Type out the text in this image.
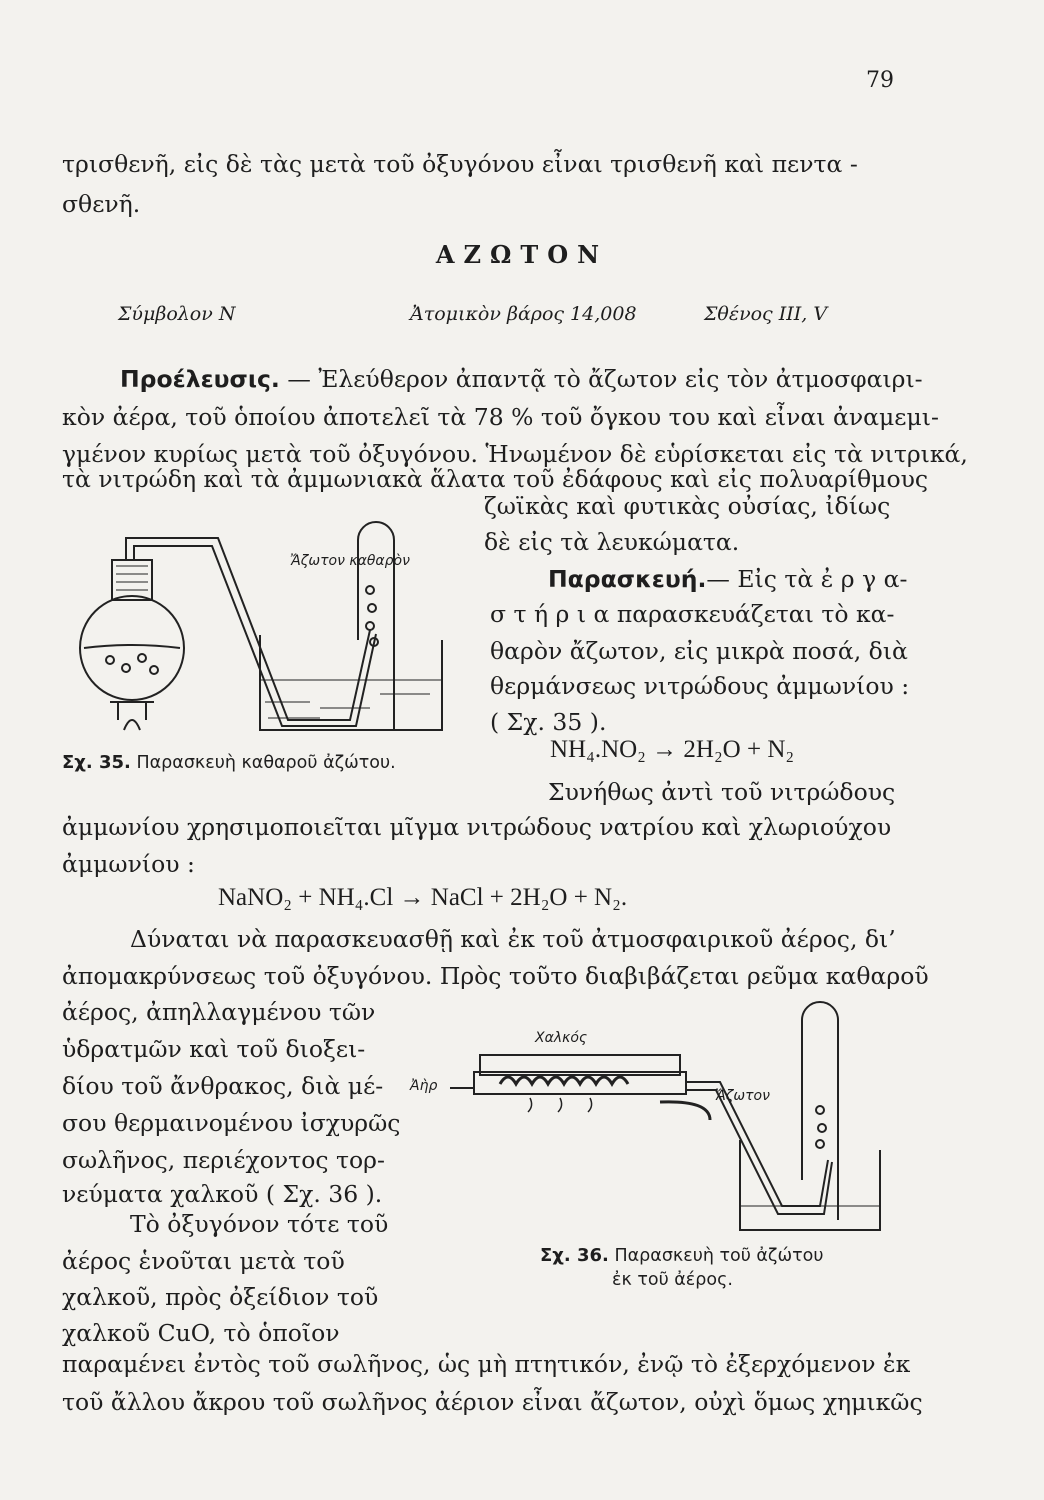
79
τρισθενῆ, εἰς δὲ τὰς μετὰ τοῦ ὀξυγόνου εἶναι τρισθενῆ καὶ πεντα -
σθενῆ.
ΑΖΩΤΟΝ
Σύμβολον Ν	Ἀτομικὸν βάρος 14,008	Σθένος ΙΙΙ, V
Προέλευσις. — Ἐλεύθερον ἀπαντᾷ τὸ ἄζωτον εἰς τὸν ἀτμοσφαιρι-
κὸν ἀέρα, τοῦ ὁποίου ἀποτελεῖ τὰ 78 % τοῦ ὄγκου του καὶ εἶναι ἀναμεμι-
γμένον κυρίως μετὰ τοῦ ὀξυγόνου. Ἡνωμένον δὲ εὑρίσκεται εἰς τὰ νιτρικά,
τὰ νιτρώδη καὶ τὰ ἀμμωνιακὰ ἅλατα τοῦ ἐδάφους καὶ εἰς πολυαρίθμους
ζωϊκὰς καὶ φυτικὰς οὐσίας, ἰδίως
δὲ εἰς τὰ λευκώματα.
Παρασκευή.— Εἰς τὰ ἐ ρ γ α-
σ τ ή ρ ι α παρασκευάζεται τὸ κα-
θαρὸν ἄζωτον, εἰς μικρὰ ποσά, διὰ
θερμάνσεως νιτρώδους ἀμμωνίου :
( Σχ. 35 ).
NH₄.NO₂ → 2H₂O + N₂
Συνήθως ἀντὶ τοῦ νιτρώδους
ἀμμωνίου χρησιμοποιεῖται μῖγμα νιτρώδους νατρίου καὶ χλωριούχου
ἀμμωνίου :
NaNO₂ + NH₄.Cl → NaCl + 2H₂O + N₂.
Δύναται νὰ παρασκευασθῇ καὶ ἐκ τοῦ ἀτμοσφαιρικοῦ ἀέρος, δι’
ἀπομακρύνσεως τοῦ ὀξυγόνου. Πρὸς τοῦτο διαβιβάζεται ρεῦμα καθαροῦ
ἀέρος, ἀπηλλαγμένου τῶν
ὑδρατμῶν καὶ τοῦ διοξει-
δίου τοῦ ἄνθρακος, διὰ μέ-
σου θερμαινομένου ἰσχυρῶς
σωλῆνος, περιέχοντος τορ-
νεύματα χαλκοῦ ( Σχ. 36 ).
Τὸ ὀξυγόνον τότε τοῦ
ἀέρος ἑνοῦται μετὰ τοῦ
χαλκοῦ, πρὸς ὀξείδιον τοῦ
χαλκοῦ CuO, τὸ ὁποῖον
παραμένει ἐντὸς τοῦ σωλῆνος, ὡς μὴ πτητικόν, ἐνῷ τὸ ἐξερχόμενον ἐκ
τοῦ ἄλλου ἄκρου τοῦ σωλῆνος ἀέριον εἶναι ἄζωτον, οὐχὶ ὅμως χημικῶς
Ἄζωτον καθαρὸν
Σχ. 35. Παρασκευὴ καθαροῦ ἀζώτου.
Χαλκός
Ἀὴρ
Ἄζωτον
Σχ. 36. Παρασκευὴ τοῦ ἀζώτου
ἐκ τοῦ ἀέρος.
